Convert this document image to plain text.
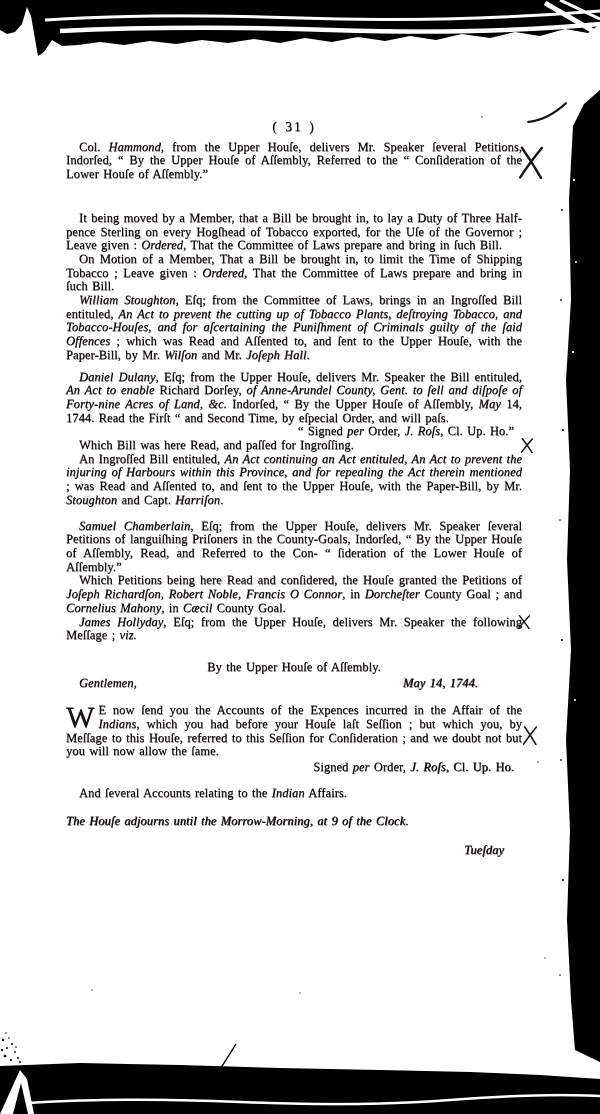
( 31 )
Col. Hammond, from the Upper Houſe, delivers Mr. Speaker ſeveral Petitions, Indorſed, “ By the Upper Houſe of Aſſembly, Referred to the “ Conſideration of the Lower Houſe of Aſſembly.”
It being moved by a Member, that a Bill be brought in, to lay a Duty of Three Half-pence Sterling on every Hogſhead of Tobacco exported, for the Uſe of the Governor ; Leave given : Ordered, That the Committee of Laws prepare and bring in ſuch Bill.
On Motion of a Member, That a Bill be brought in, to limit the Time of Shipping Tobacco ; Leave given : Ordered, That the Committee of Laws prepare and bring in ſuch Bill.
William Stoughton, Eſq; from the Committee of Laws, brings in an Ingroſſed Bill entituled, An Act to prevent the cutting up of Tobacco Plants, deſtroying Tobacco, and Tobacco-Houſes, and for aſcertaining the Puniſhment of Criminals guilty of the ſaid Offences ; which was Read and Aſſented to, and ſent to the Upper Houſe, with the Paper-Bill, by Mr. Wilſon and Mr. Joſeph Hall.
Daniel Dulany, Eſq; from the Upper Houſe, delivers Mr. Speaker the Bill entituled, An Act to enable Richard Dorſey, of Anne-Arundel County, Gent. to ſell and diſpoſe of Forty-nine Acres of Land, &c. Indorſed, “ By the Upper Houſe of Aſſembly, May 14, 1744. Read the Firſt “ and Second Time, by eſpecial Order, and will paſs.
“ Signed per Order, J. Roſs, Cl. Up. Ho.”
Which Bill was here Read, and paſſed for Ingroſſing.
An Ingroſſed Bill entituled, An Act continuing an Act entituled, An Act to prevent the injuring of Harbours within this Province, and for repealing the Act therein mentioned ; was Read and Aſſented to, and ſent to the Upper Houſe, with the Paper-Bill, by Mr. Stoughton and Capt. Harriſon.
Samuel Chamberlain, Eſq; from the Upper Houſe, delivers Mr. Speaker ſeveral Petitions of languiſhing Priſoners in the County-Goals, Indorſed, “ By the Upper Houſe of Aſſembly, Read, and Referred to the Con- “ ſideration of the Lower Houſe of Aſſembly.”
Which Petitions being here Read and conſidered, the Houſe granted the Petitions of Joſeph Richardſon, Robert Noble, Francis O Connor, in Dorcheſter County Goal ; and Cornelius Mahony, in Cæcil County Goal.
James Hollyday, Eſq; from the Upper Houſe, delivers Mr. Speaker the following Meſſage ; viz.
By the Upper Houſe of Aſſembly.
Gentlemen,	May 14, 1744.
W E now ſend you the Accounts of the Expences incurred in the Affair of the Indians, which you had before your Houſe laſt Seſſion ; but which you, by Meſſage to this Houſe, referred to this Seſſion for Conſideration ; and we doubt not but you will now allow the ſame.
Signed per Order, J. Roſs, Cl. Up. Ho.
And ſeveral Accounts relating to the Indian Affairs.
The Houſe adjourns until the Morrow-Morning, at 9 of the Clock.
Tueſday
